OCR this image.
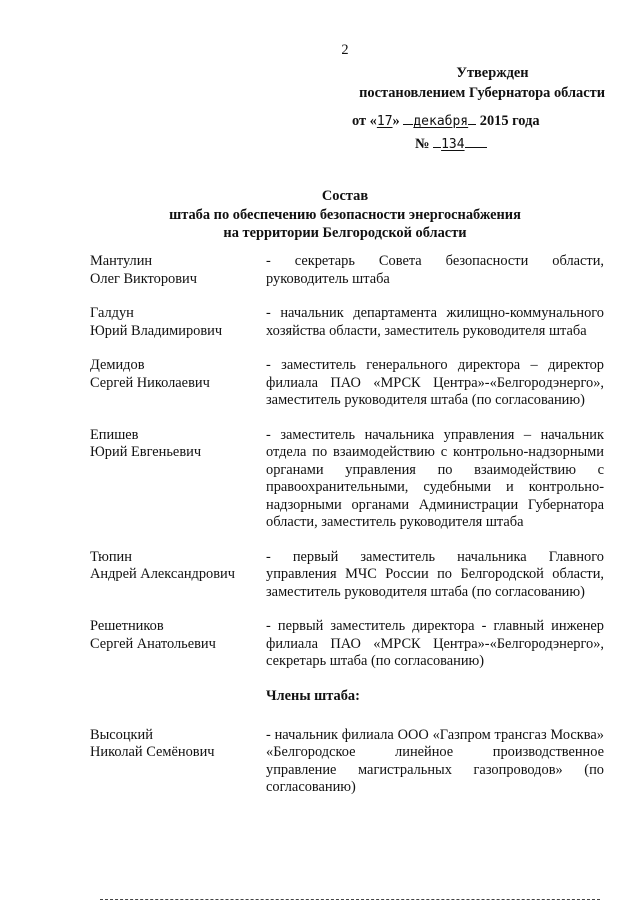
2
Утвержден
постановлением Губернатора области
от «17» декабря 2015 года
№ 134
Состав
штаба по обеспечению безопасности энергоснабжения
на территории Белгородской области
Мантулин
Олег Викторович
- секретарь Совета безопасности области, руководитель штаба
Галдун
Юрий Владимирович
- начальник департамента жилищно-коммунального хозяйства области, заместитель руководителя штаба
Демидов
Сергей Николаевич
- заместитель генерального директора – директор филиала ПАО «МРСК Центра»-«Белгородэнерго», заместитель руководителя штаба (по согласованию)
Епишев
Юрий Евгеньевич
- заместитель начальника управления – начальник отдела по взаимодействию с контрольно-надзорными органами управления по взаимодействию с правоохранительными, судебными и контрольно-надзорными органами Администрации Губернатора области, заместитель руководителя штаба
Тюпин
Андрей Александрович
- первый заместитель начальника Главного управления МЧС России по Белгородской области, заместитель руководителя штаба (по согласованию)
Решетников
Сергей Анатольевич
- первый заместитель директора - главный инженер филиала ПАО «МРСК Центра»-«Белгородэнерго», секретарь штаба (по согласованию)
Члены штаба:
Высоцкий
Николай Семёнович
- начальник филиала ООО «Газпром трансгаз Москва» «Белгородское линейное производственное управление магистральных газопроводов» (по согласованию)
